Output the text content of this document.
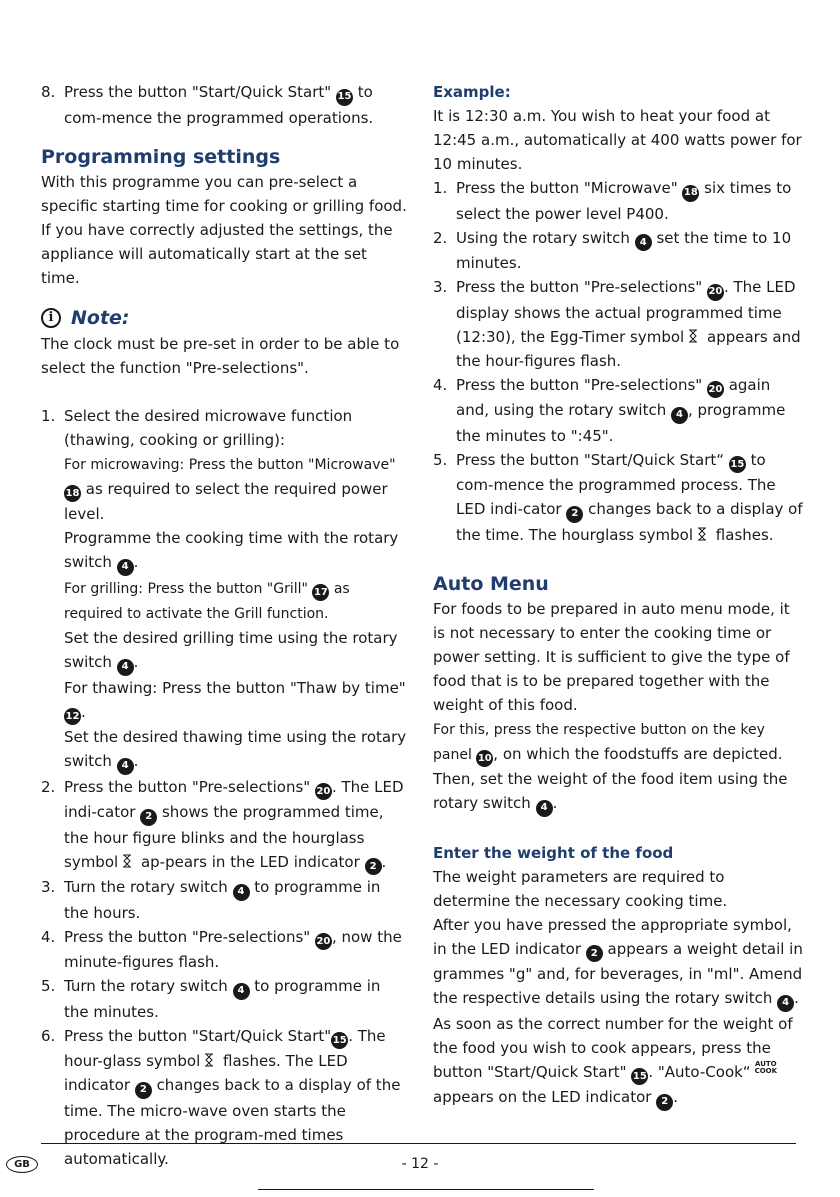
8. Press the button "Start/Quick Start" 15 to com-mence the programmed operations.

Programming settings

With this programme you can pre-select a specific starting time for cooking or grilling food. If you have correctly adjusted the settings, the appliance will automatically start at the set time.

i Note:

The clock must be pre-set in order to be able to select the function "Pre-selections".

1. Select the desired microwave function (thawing, cooking or grilling):
For microwaving: Press the button "Microwave" 18 as required to select the required power level.
Programme the cooking time with the rotary switch 4 .
For grilling: Press the button "Grill" 17 as required to activate the Grill function.
Set the desired grilling time using the rotary switch 4 .
For thawing: Press the button "Thaw by time" 12 .
Set the desired thawing time using the rotary switch 4 .
2. Press the button "Pre-selections" 20 . The LED indi-cator 2 shows the programmed time, the hour figure blinks and the hourglass symbol ap-pears in the LED indicator 2 .
3. Turn the rotary switch 4 to programme in the hours.
4. Press the button "Pre-selections" 20 , now the minute-figures flash.
5. Turn the rotary switch 4 to programme in the minutes.
6. Press the button "Start/Quick Start" 15 . The hour-glass symbol flashes. The LED indicator 2 changes back to a display of the time. The micro-wave oven starts the procedure at the program-med times automatically.

Example:

It is 12:30 a.m. You wish to heat your food at 12:45 a.m., automatically at 400 watts power for 10 minutes.

1. Press the button "Microwave" 18 six times to select the power level P400.
2. Using the rotary switch 4 set the time to 10 minutes.
3. Press the button "Pre-selections" 20 . The LED display shows the actual programmed time (12:30), the Egg-Timer symbol appears and the hour-figures flash.
4. Press the button "Pre-selections" 20 again and, using the rotary switch 4 , programme the minutes to ":45".
5. Press the button "Start/Quick Start“ 15 to com-mence the programmed process. The LED indi-cator 2 changes back to a display of the time. The hourglass symbol flashes.

Auto Menu

For foods to be prepared in auto menu mode, it is not necessary to enter the cooking time or power setting. It is sufficient to give the type of food that is to be prepared together with the weight of this food.

For this, press the respective button on the key panel 10 , on which the foodstuffs are depicted. Then, set the weight of the food item using the rotary switch 4 .

Enter the weight of the food

The weight parameters are required to determine the necessary cooking time.

After you have pressed the appropriate symbol, in the LED indicator 2 appears a weight detail in grammes "g" and, for beverages, in "ml". Amend the respective details using the rotary switch 4 .

As soon as the correct number for the weight of the food you wish to cook appears, press the button "Start/Quick Start" 15 . "Auto-Cook“ AUTO
COOK appears on the LED indicator 2 .

GB	- 12 -
